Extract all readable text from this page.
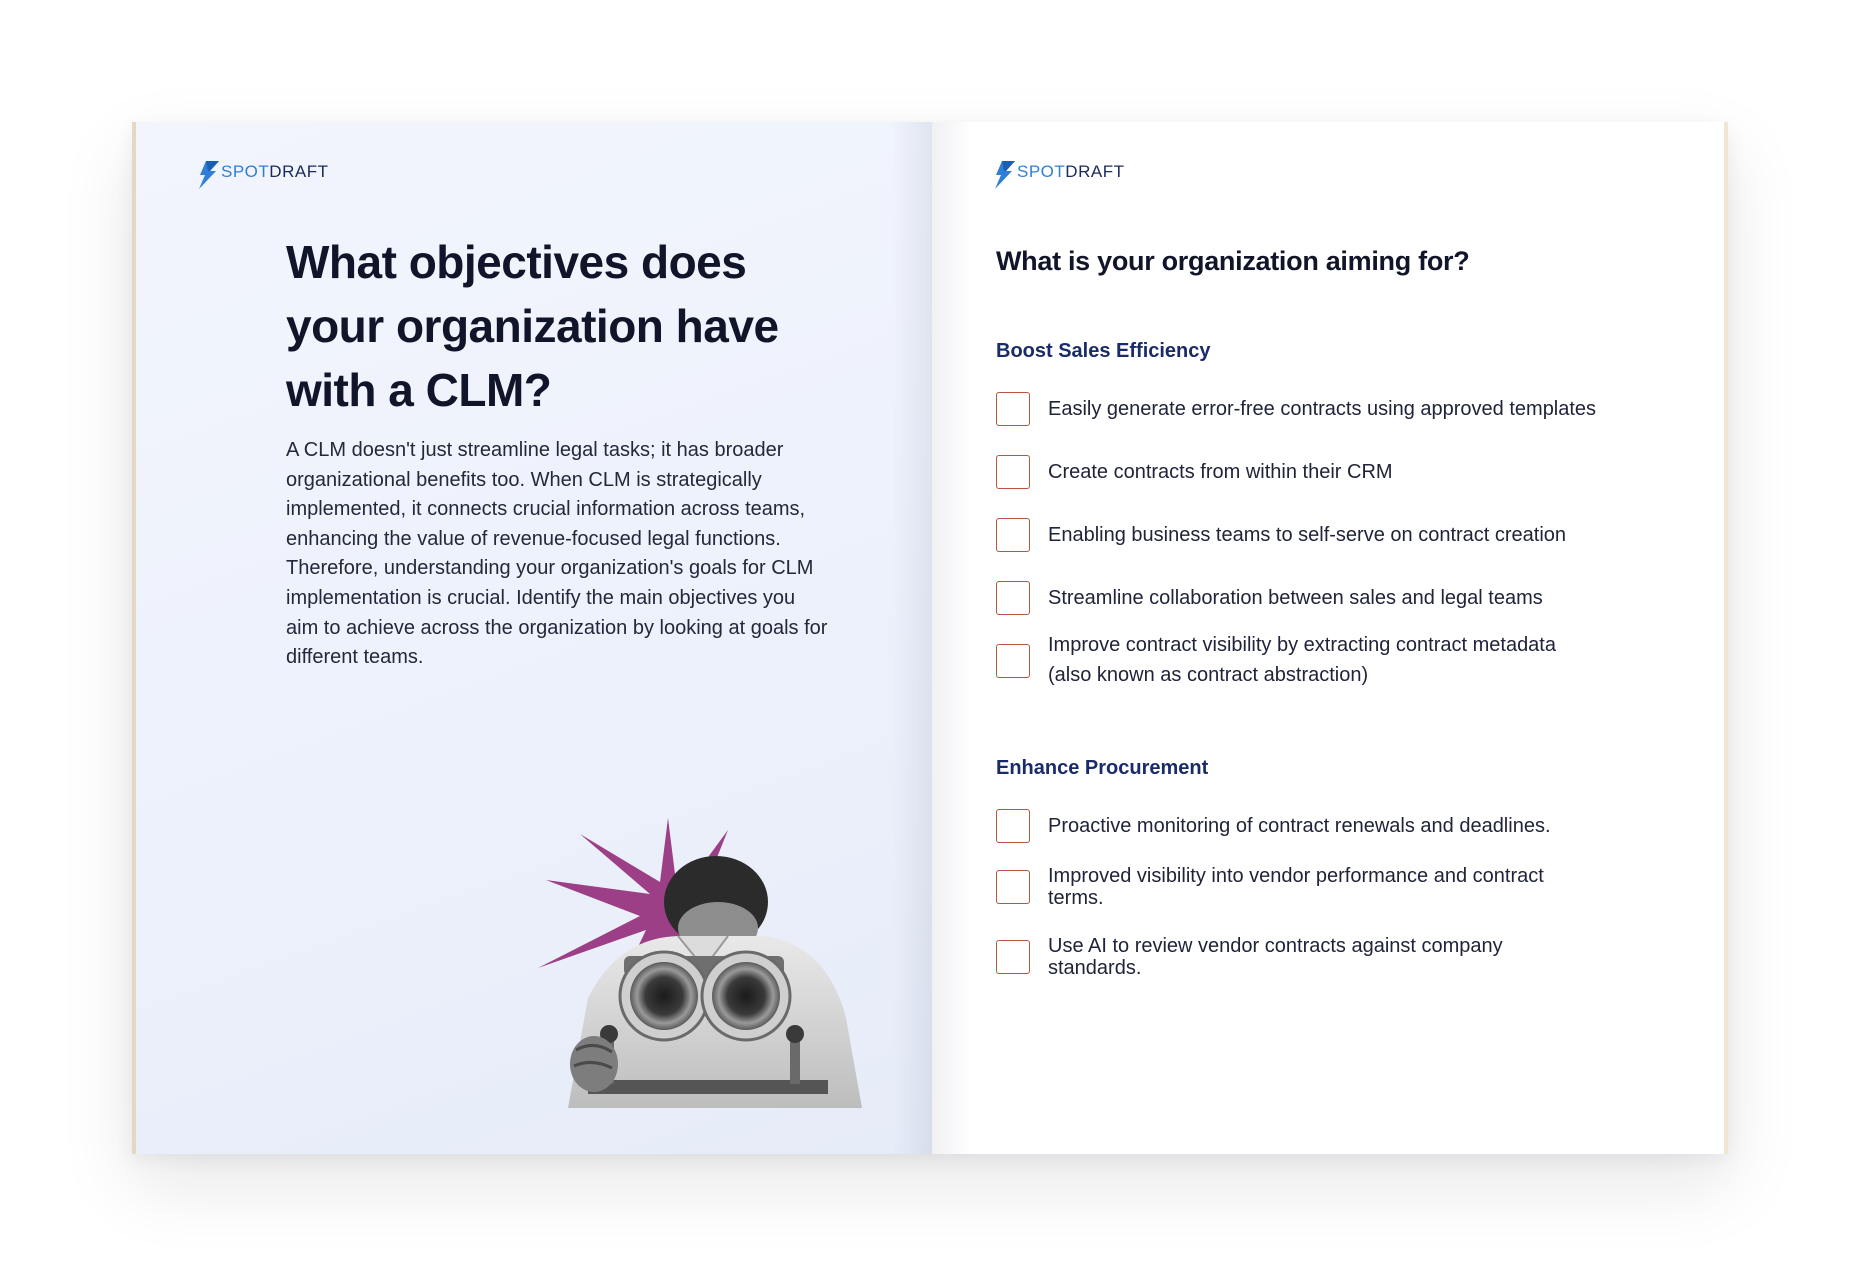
SPOTDRAFT
What objectives does
your organization have
with a CLM?
A CLM doesn't just streamline legal tasks; it has broader
organizational benefits too. When CLM is strategically
implemented, it connects crucial information across teams,
enhancing the value of revenue-focused legal functions.
Therefore, understanding your organization's goals for CLM
implementation is crucial. Identify the main objectives you
aim to achieve across the organization by looking at goals for
different teams.
SPOTDRAFT
What is your organization aiming for?
Boost Sales Efficiency
Easily generate error-free contracts using approved templates
Create contracts from within their CRM
Enabling business teams to self-serve on contract creation
Streamline collaboration between sales and legal teams
Improve contract visibility by extracting contract metadata
(also known as contract abstraction)
Enhance Procurement
Proactive monitoring of contract renewals and deadlines.
Improved visibility into vendor performance and contract
terms.
Use AI to review vendor contracts against company
standards.
